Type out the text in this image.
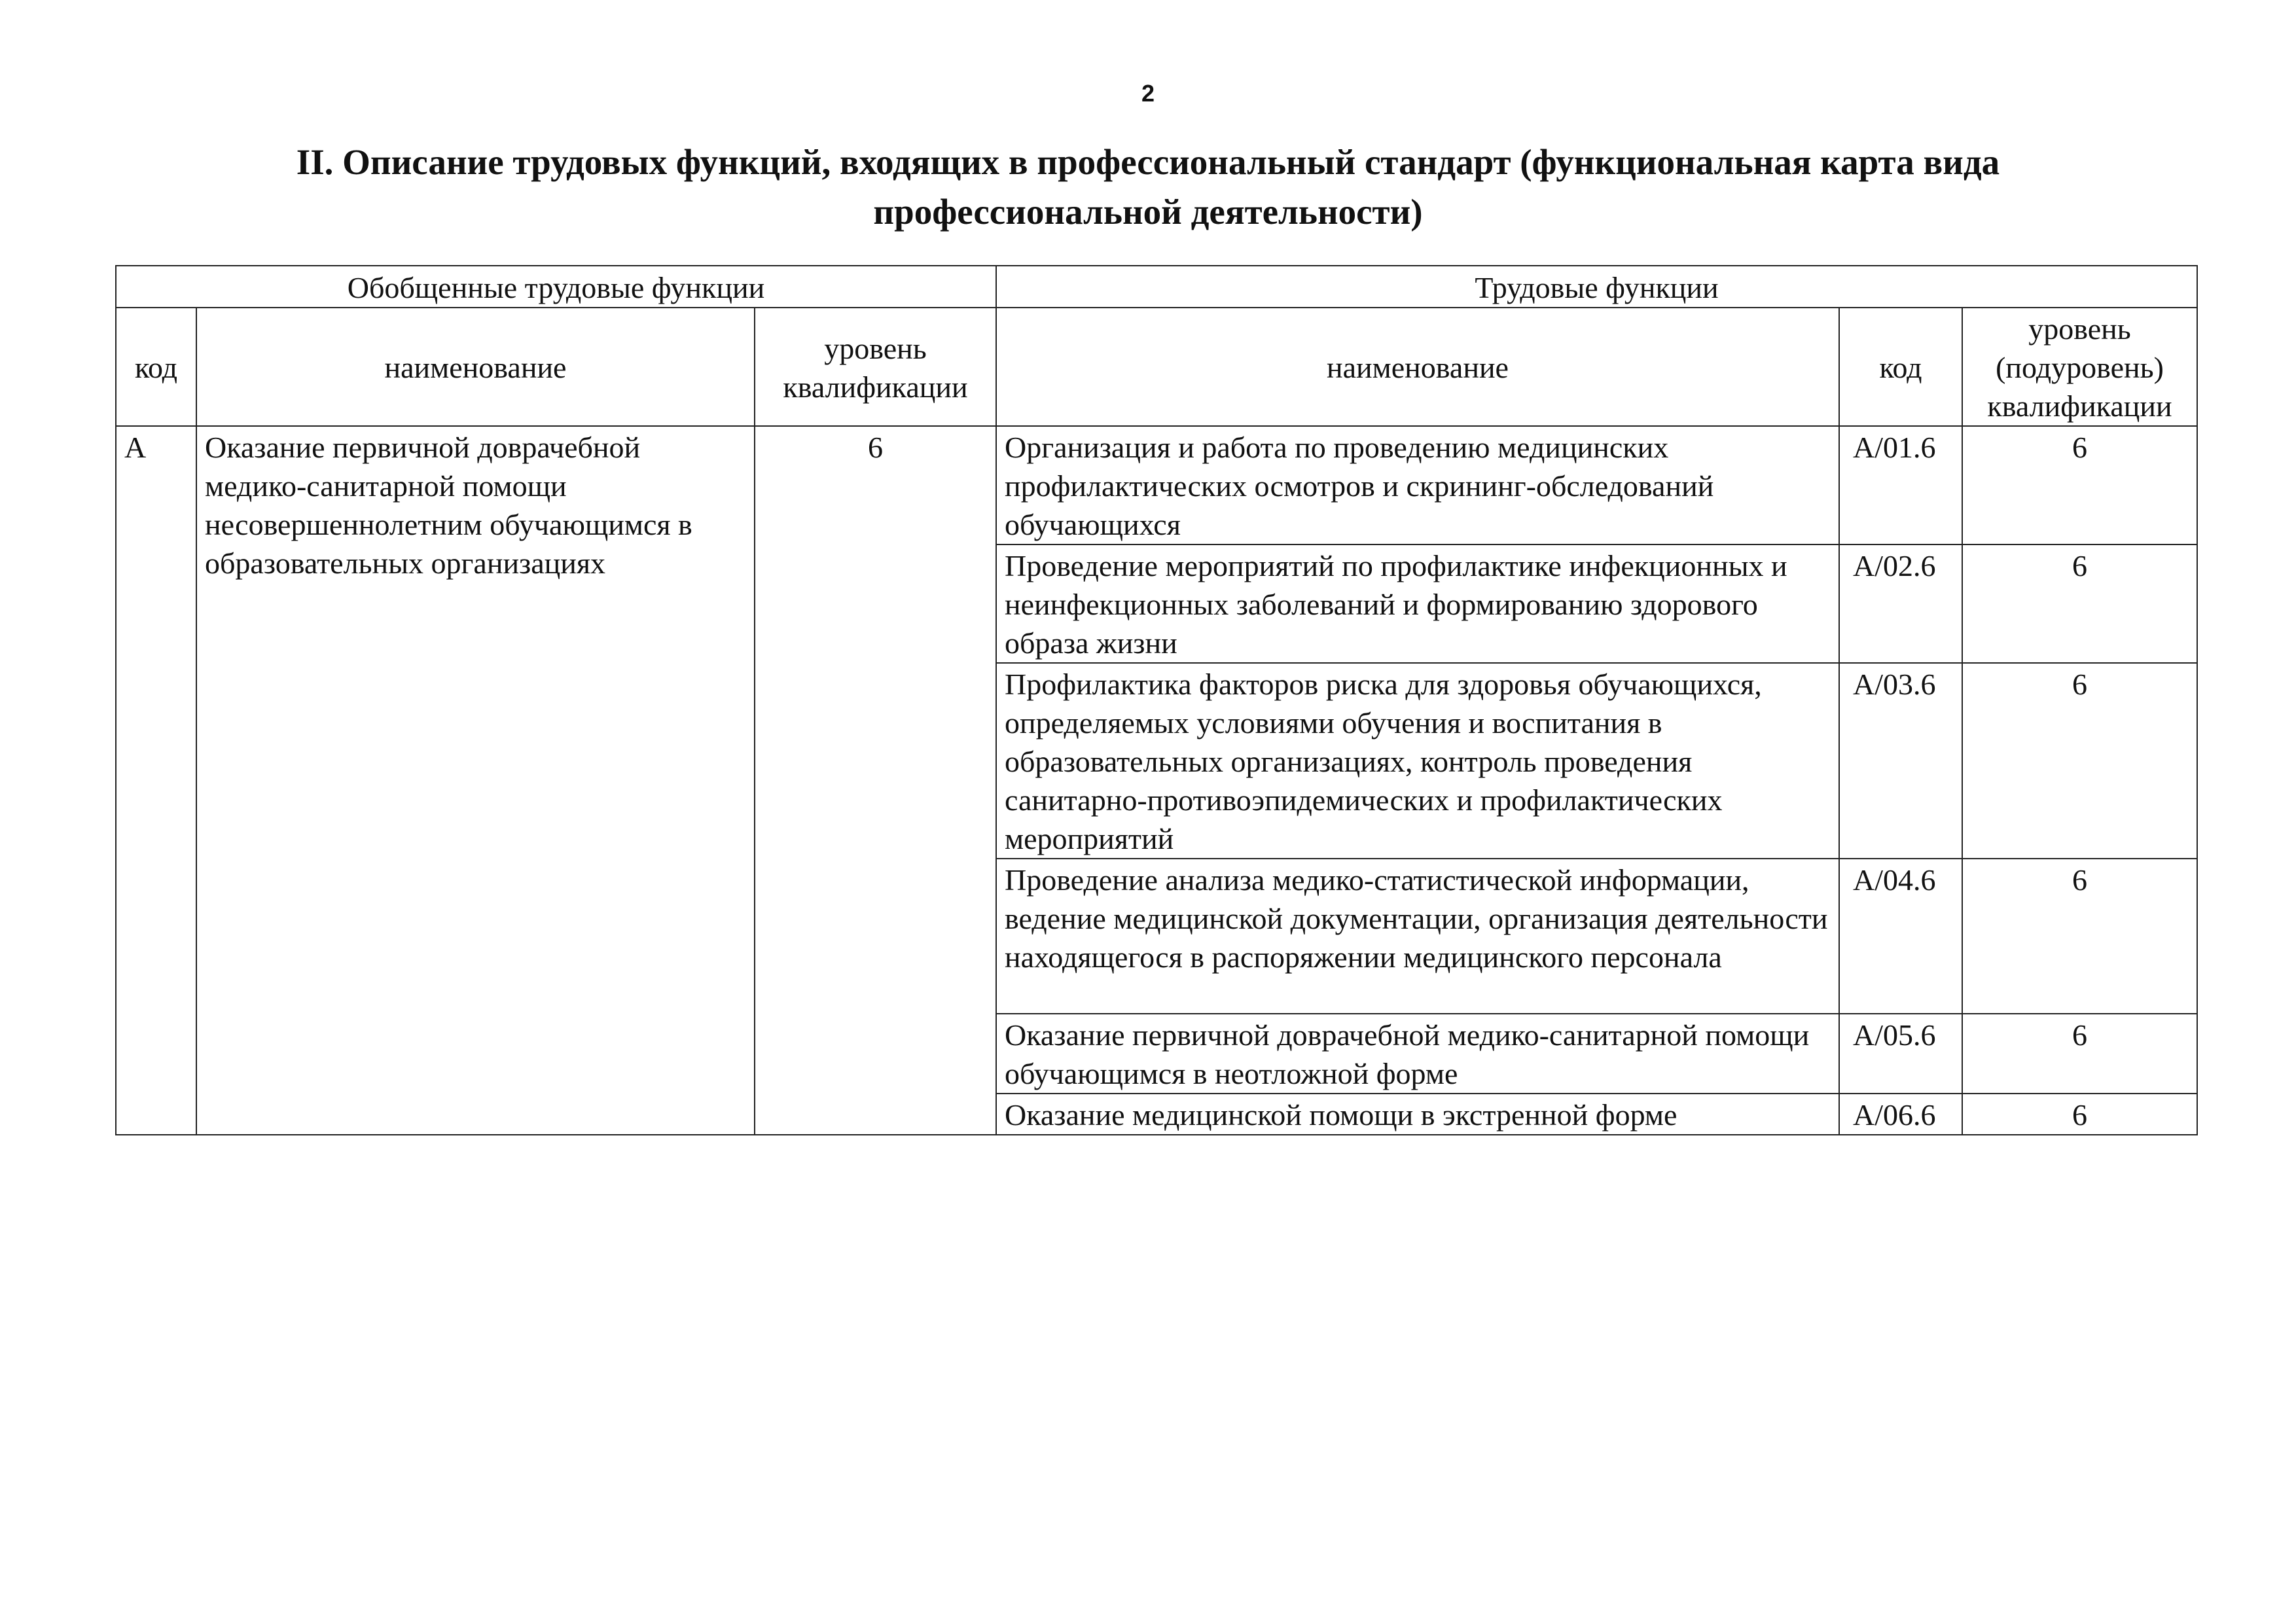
2
II. Описание трудовых функций, входящих в профессиональный стандарт (функциональная карта вида
профессиональной деятельности)
Обобщенные трудовые функции			Трудовые функции		
код	наименование	уровень квалификации	наименование	код	уровень (подуровень) квалификации
А	Оказание первичной доврачебной медико-санитарной помощи несовершеннолетним обучающимся в образовательных организациях	6	Организация и работа по проведению медицинских профилактических осмотров и скрининг-обследований обучающихся	A/01.6	6
			Проведение мероприятий по профилактике инфекционных и неинфекционных заболеваний и формированию здорового образа жизни	A/02.6	6
			Профилактика факторов риска для здоровья обучающихся, определяемых условиями обучения и воспитания в образовательных организациях, контроль проведения санитарно-противоэпидемических и профилактических мероприятий	A/03.6	6
			Проведение анализа медико-статистической информации, ведение медицинской документации, организация деятельности находящегося в распоряжении медицинского персонала	A/04.6	6
			Оказание первичной доврачебной медико-санитарной помощи обучающимся в неотложной форме	A/05.6	6
			Оказание медицинской помощи в экстренной форме	A/06.6	6
